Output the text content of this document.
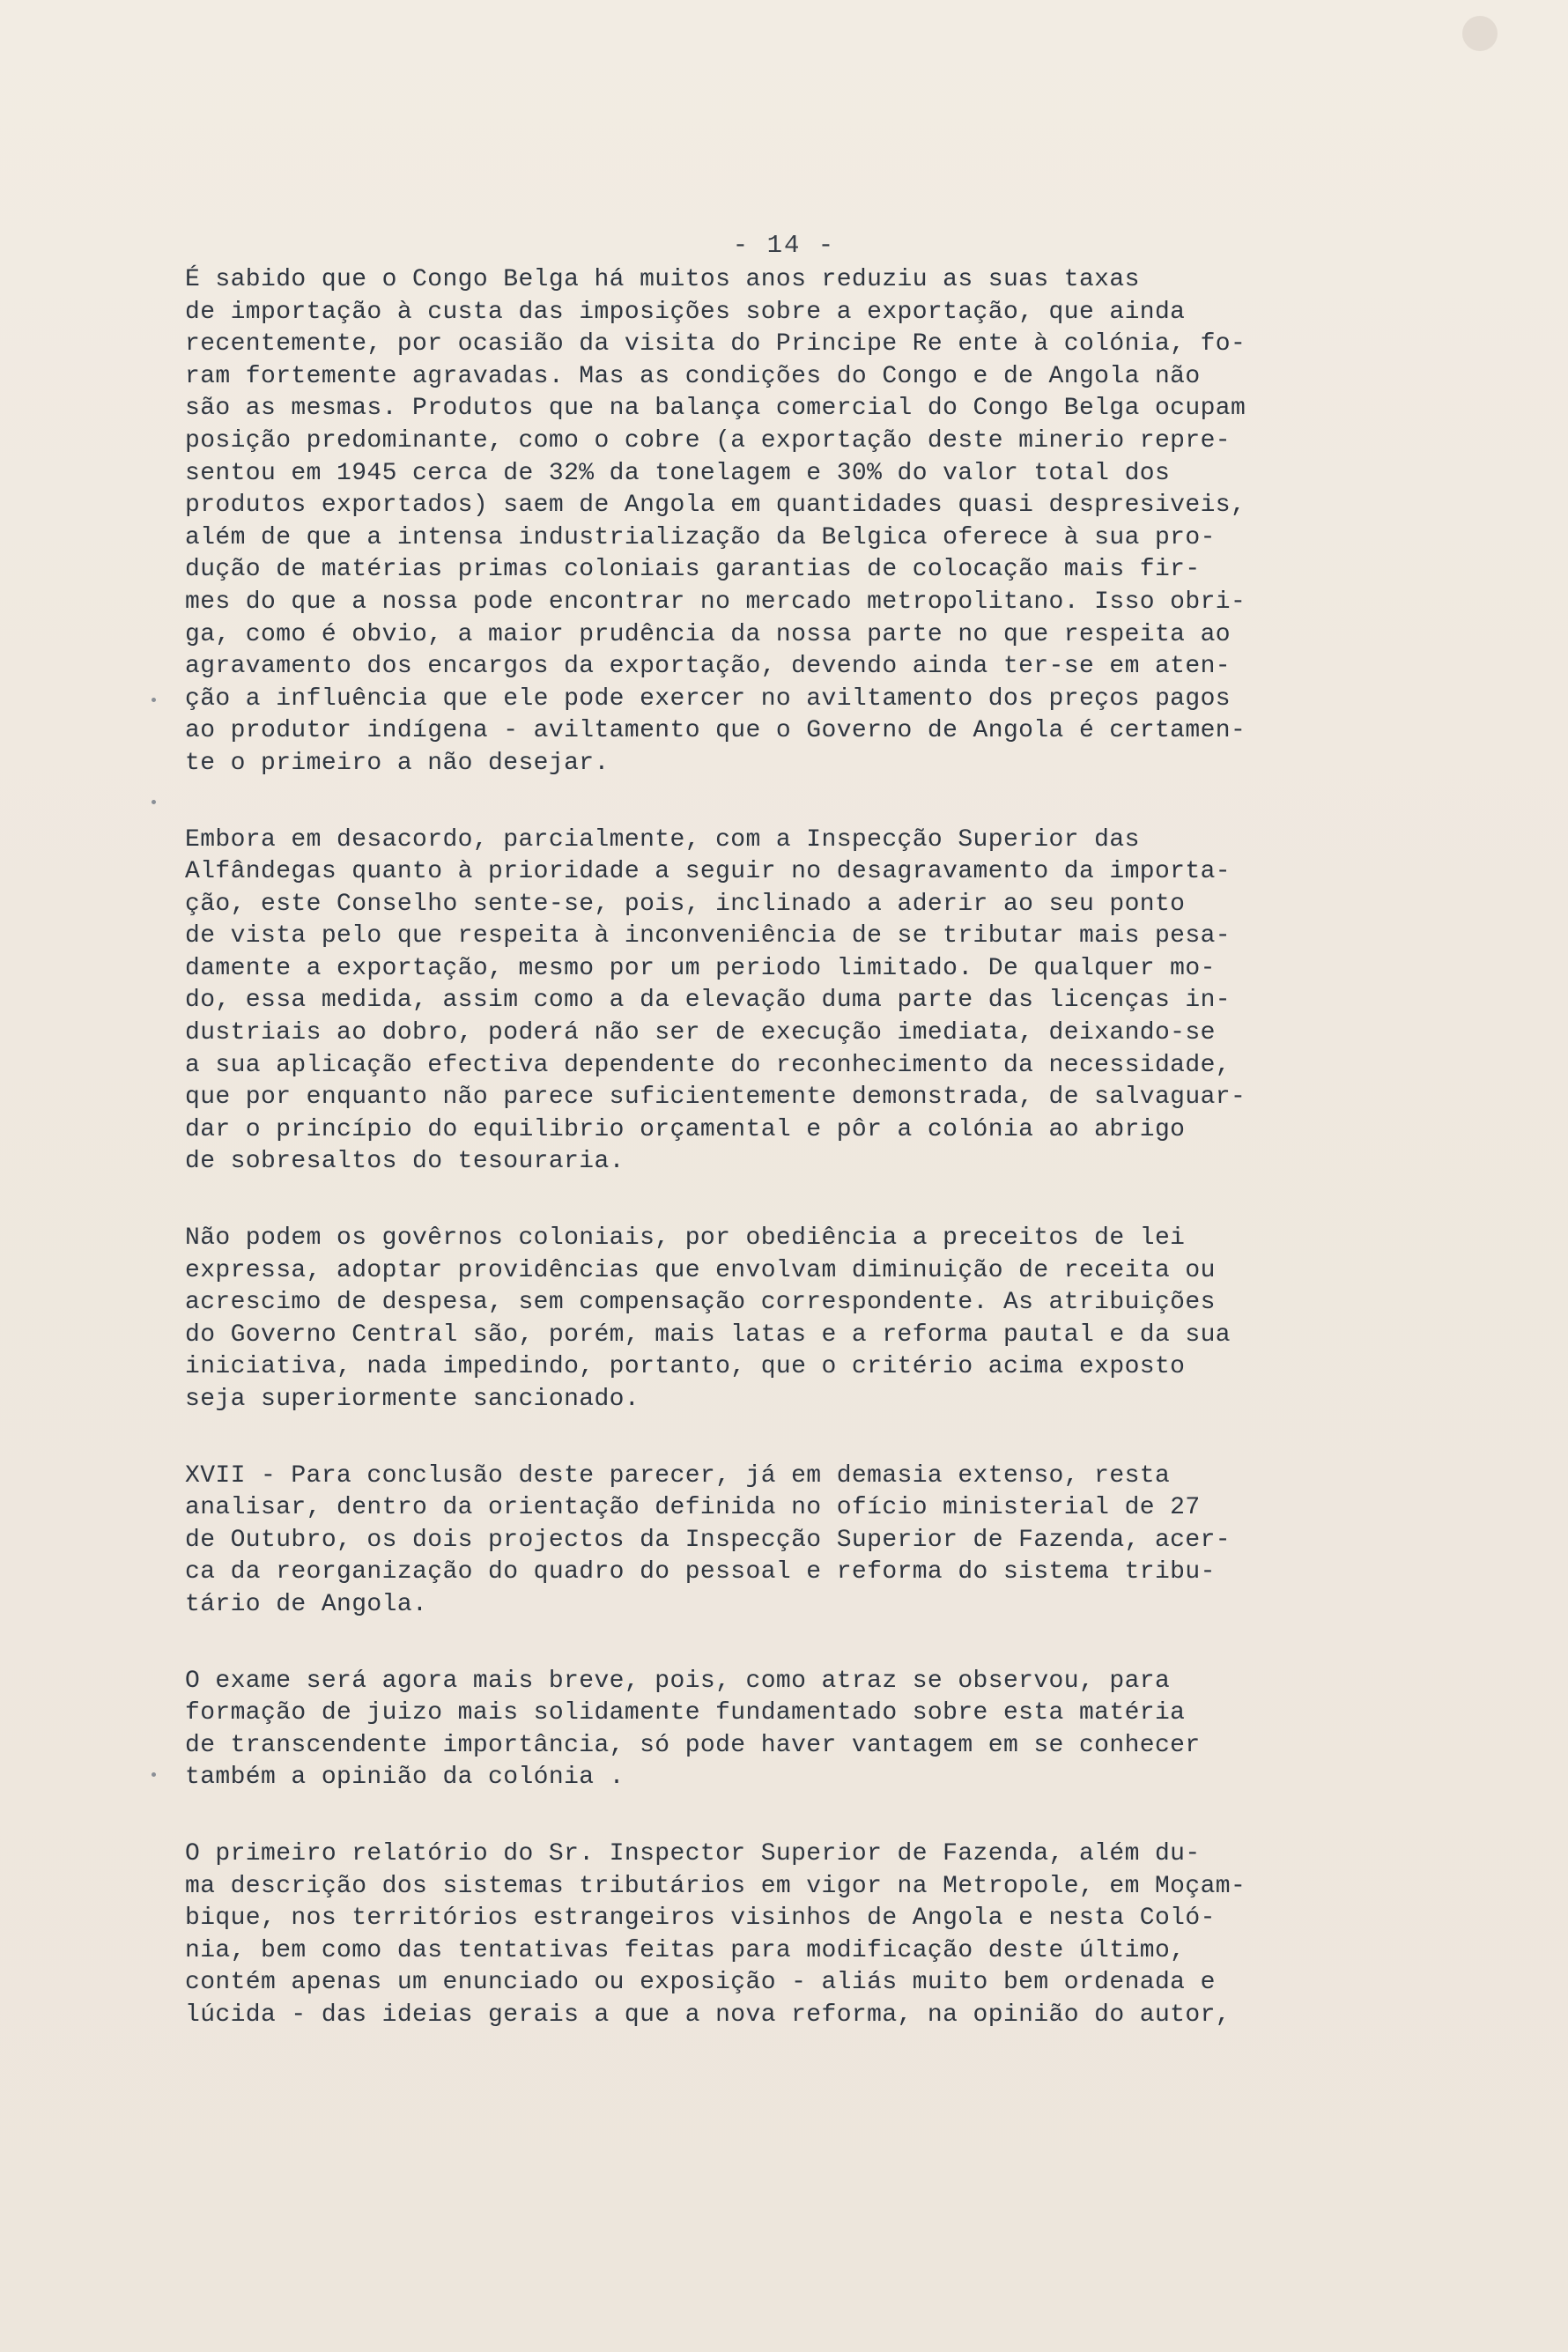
- 14 -
É sabido que o Congo Belga há muitos anos reduziu as suas taxas
de importação à custa das imposições sobre a exportação, que ainda
recentemente, por ocasião da visita do Principe Re ente à colónia, fo-
ram fortemente agravadas. Mas as condições do Congo e de Angola não
são as mesmas. Produtos que na balança comercial do Congo Belga ocupam
posição predominante, como o cobre (a exportação deste minerio repre-
sentou em 1945 cerca de 32% da tonelagem e 30% do valor total dos
produtos exportados) saem de Angola em quantidades quasi despresiveis,
além de que a intensa industrialização da Belgica oferece à sua pro-
dução de matérias primas coloniais garantias de colocação mais fir-
mes do que a nossa pode encontrar no mercado metropolitano. Isso obri-
ga, como é obvio, a maior prudência da nossa parte no que respeita ao
agravamento dos encargos da exportação, devendo ainda ter-se em aten-
ção a influência que ele pode exercer no aviltamento dos preços pagos
ao produtor indígena - aviltamento que o Governo de Angola é certamen-
te o primeiro a não desejar.
Embora em desacordo, parcialmente, com a Inspecção Superior das
Alfândegas quanto à prioridade a seguir no desagravamento da importa-
ção, este Conselho sente-se, pois, inclinado a aderir ao seu ponto
de vista pelo que respeita à inconveniência de se tributar mais pesa-
damente a exportação, mesmo por um periodo limitado. De qualquer mo-
do, essa medida, assim como a da elevação duma parte das licenças in-
dustriais ao dobro, poderá não ser de execução imediata, deixando-se
a sua aplicação efectiva dependente do reconhecimento da necessidade,
que por enquanto não parece suficientemente demonstrada, de salvaguar-
dar o princípio do equilibrio orçamental e pôr a colónia ao abrigo
de sobresaltos do tesouraria.
Não podem os govêrnos coloniais, por obediência a preceitos de lei
expressa, adoptar providências que envolvam diminuição de receita ou
acrescimo de despesa, sem compensação correspondente. As atribuições
do Governo Central são, porém, mais latas e a reforma pautal e da sua
iniciativa, nada impedindo, portanto, que o critério acima exposto
seja superiormente sancionado.
XVII - Para conclusão deste parecer, já em demasia extenso, resta
analisar, dentro da orientação definida no ofício ministerial de 27
de Outubro, os dois projectos da Inspecção Superior de Fazenda, acer-
ca da reorganização do quadro do pessoal e reforma do sistema tribu-
tário de Angola.
O exame será agora mais breve, pois, como atraz se observou, para
formação de juizo mais solidamente fundamentado sobre esta matéria
de transcendente importância, só pode haver vantagem em se conhecer
também a opinião da colónia .
O primeiro relatório do Sr. Inspector Superior de Fazenda, além du-
ma descrição dos sistemas tributários em vigor na Metropole, em Moçam-
bique, nos territórios estrangeiros visinhos de Angola e nesta Coló-
nia, bem como das tentativas feitas para modificação deste último,
contém apenas um enunciado ou exposição - aliás muito bem ordenada e
lúcida - das ideias gerais a que a nova reforma, na opinião do autor,
